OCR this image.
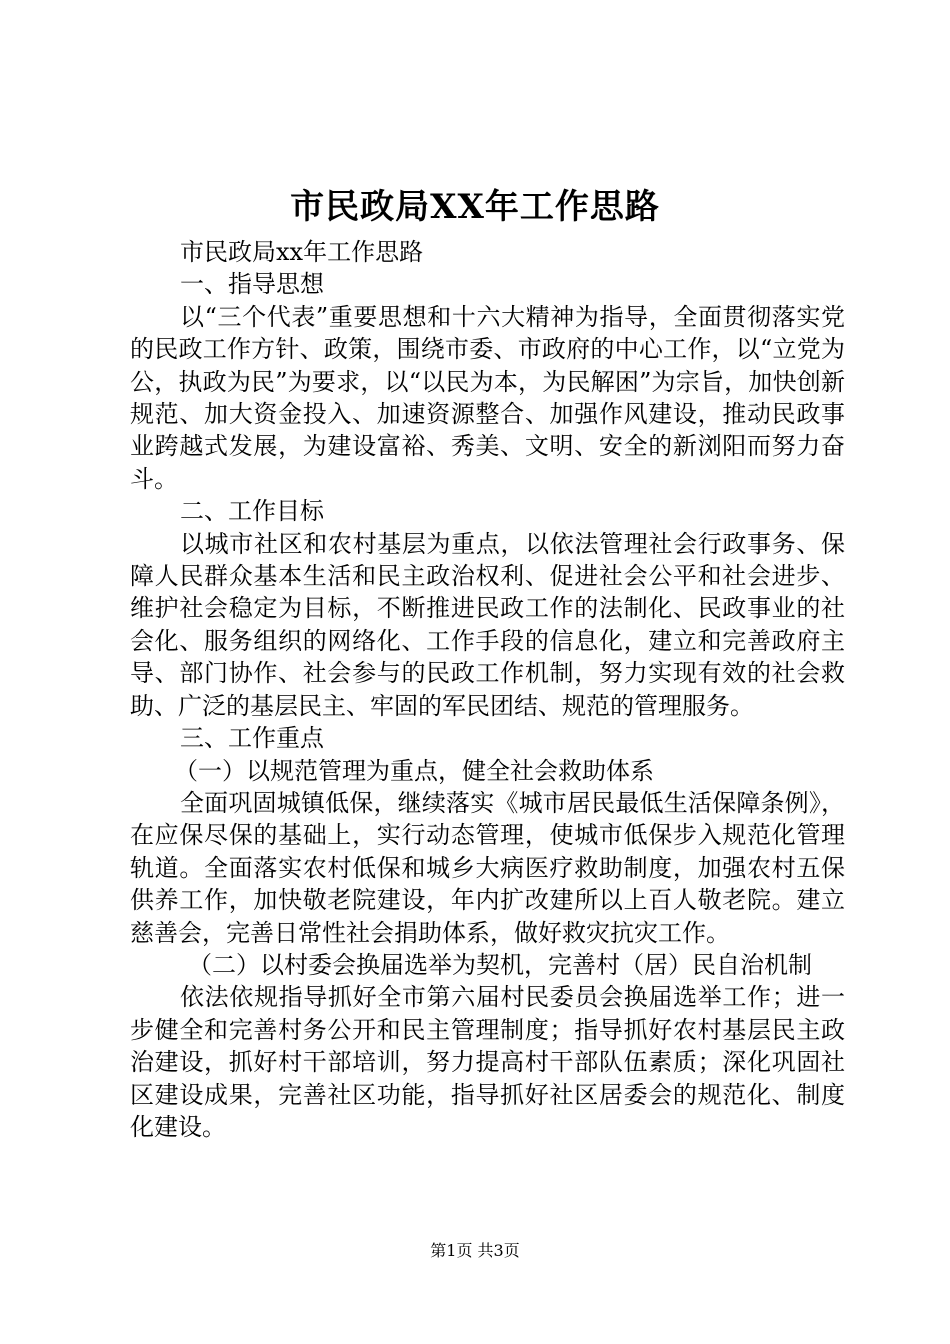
市民政局XX年工作思路

市民政局xx年工作思路

一、指导思想

以“三个代表”重要思想和十六大精神为指导，全面贯彻落实党的民政工作方针、政策，围绕市委、市政府的中心工作，以“立党为公，执政为民”为要求，以“以民为本，为民解困”为宗旨，加快创新规范、加大资金投入、加速资源整合、加强作风建设，推动民政事业跨越式发展，为建设富裕、秀美、文明、安全的新浏阳而努力奋斗。

二、工作目标

以城市社区和农村基层为重点，以依法管理社会行政事务、保障人民群众基本生活和民主政治权利、促进社会公平和社会进步、维护社会稳定为目标，不断推进民政工作的法制化、民政事业的社会化、服务组织的网络化、工作手段的信息化，建立和完善政府主导、部门协作、社会参与的民政工作机制，努力实现有效的社会救助、广泛的基层民主、牢固的军民团结、规范的管理服务。

三、工作重点

（一）以规范管理为重点，健全社会救助体系

全面巩固城镇低保，继续落实《城市居民最低生活保障条例》，在应保尽保的基础上，实行动态管理，使城市低保步入规范化管理轨道。全面落实农村低保和城乡大病医疗救助制度，加强农村五保供养工作，加快敬老院建设，年内扩改建所以上百人敬老院。建立慈善会，完善日常性社会捐助体系，做好救灾抗灾工作。

（二）以村委会换届选举为契机，完善村（居）民自治机制

依法依规指导抓好全市第六届村民委员会换届选举工作；进一步健全和完善村务公开和民主管理制度；指导抓好农村基层民主政治建设，抓好村干部培训，努力提高村干部队伍素质；深化巩固社区建设成果，完善社区功能，指导抓好社区居委会的规范化、制度化建设。

第1页 共3页
